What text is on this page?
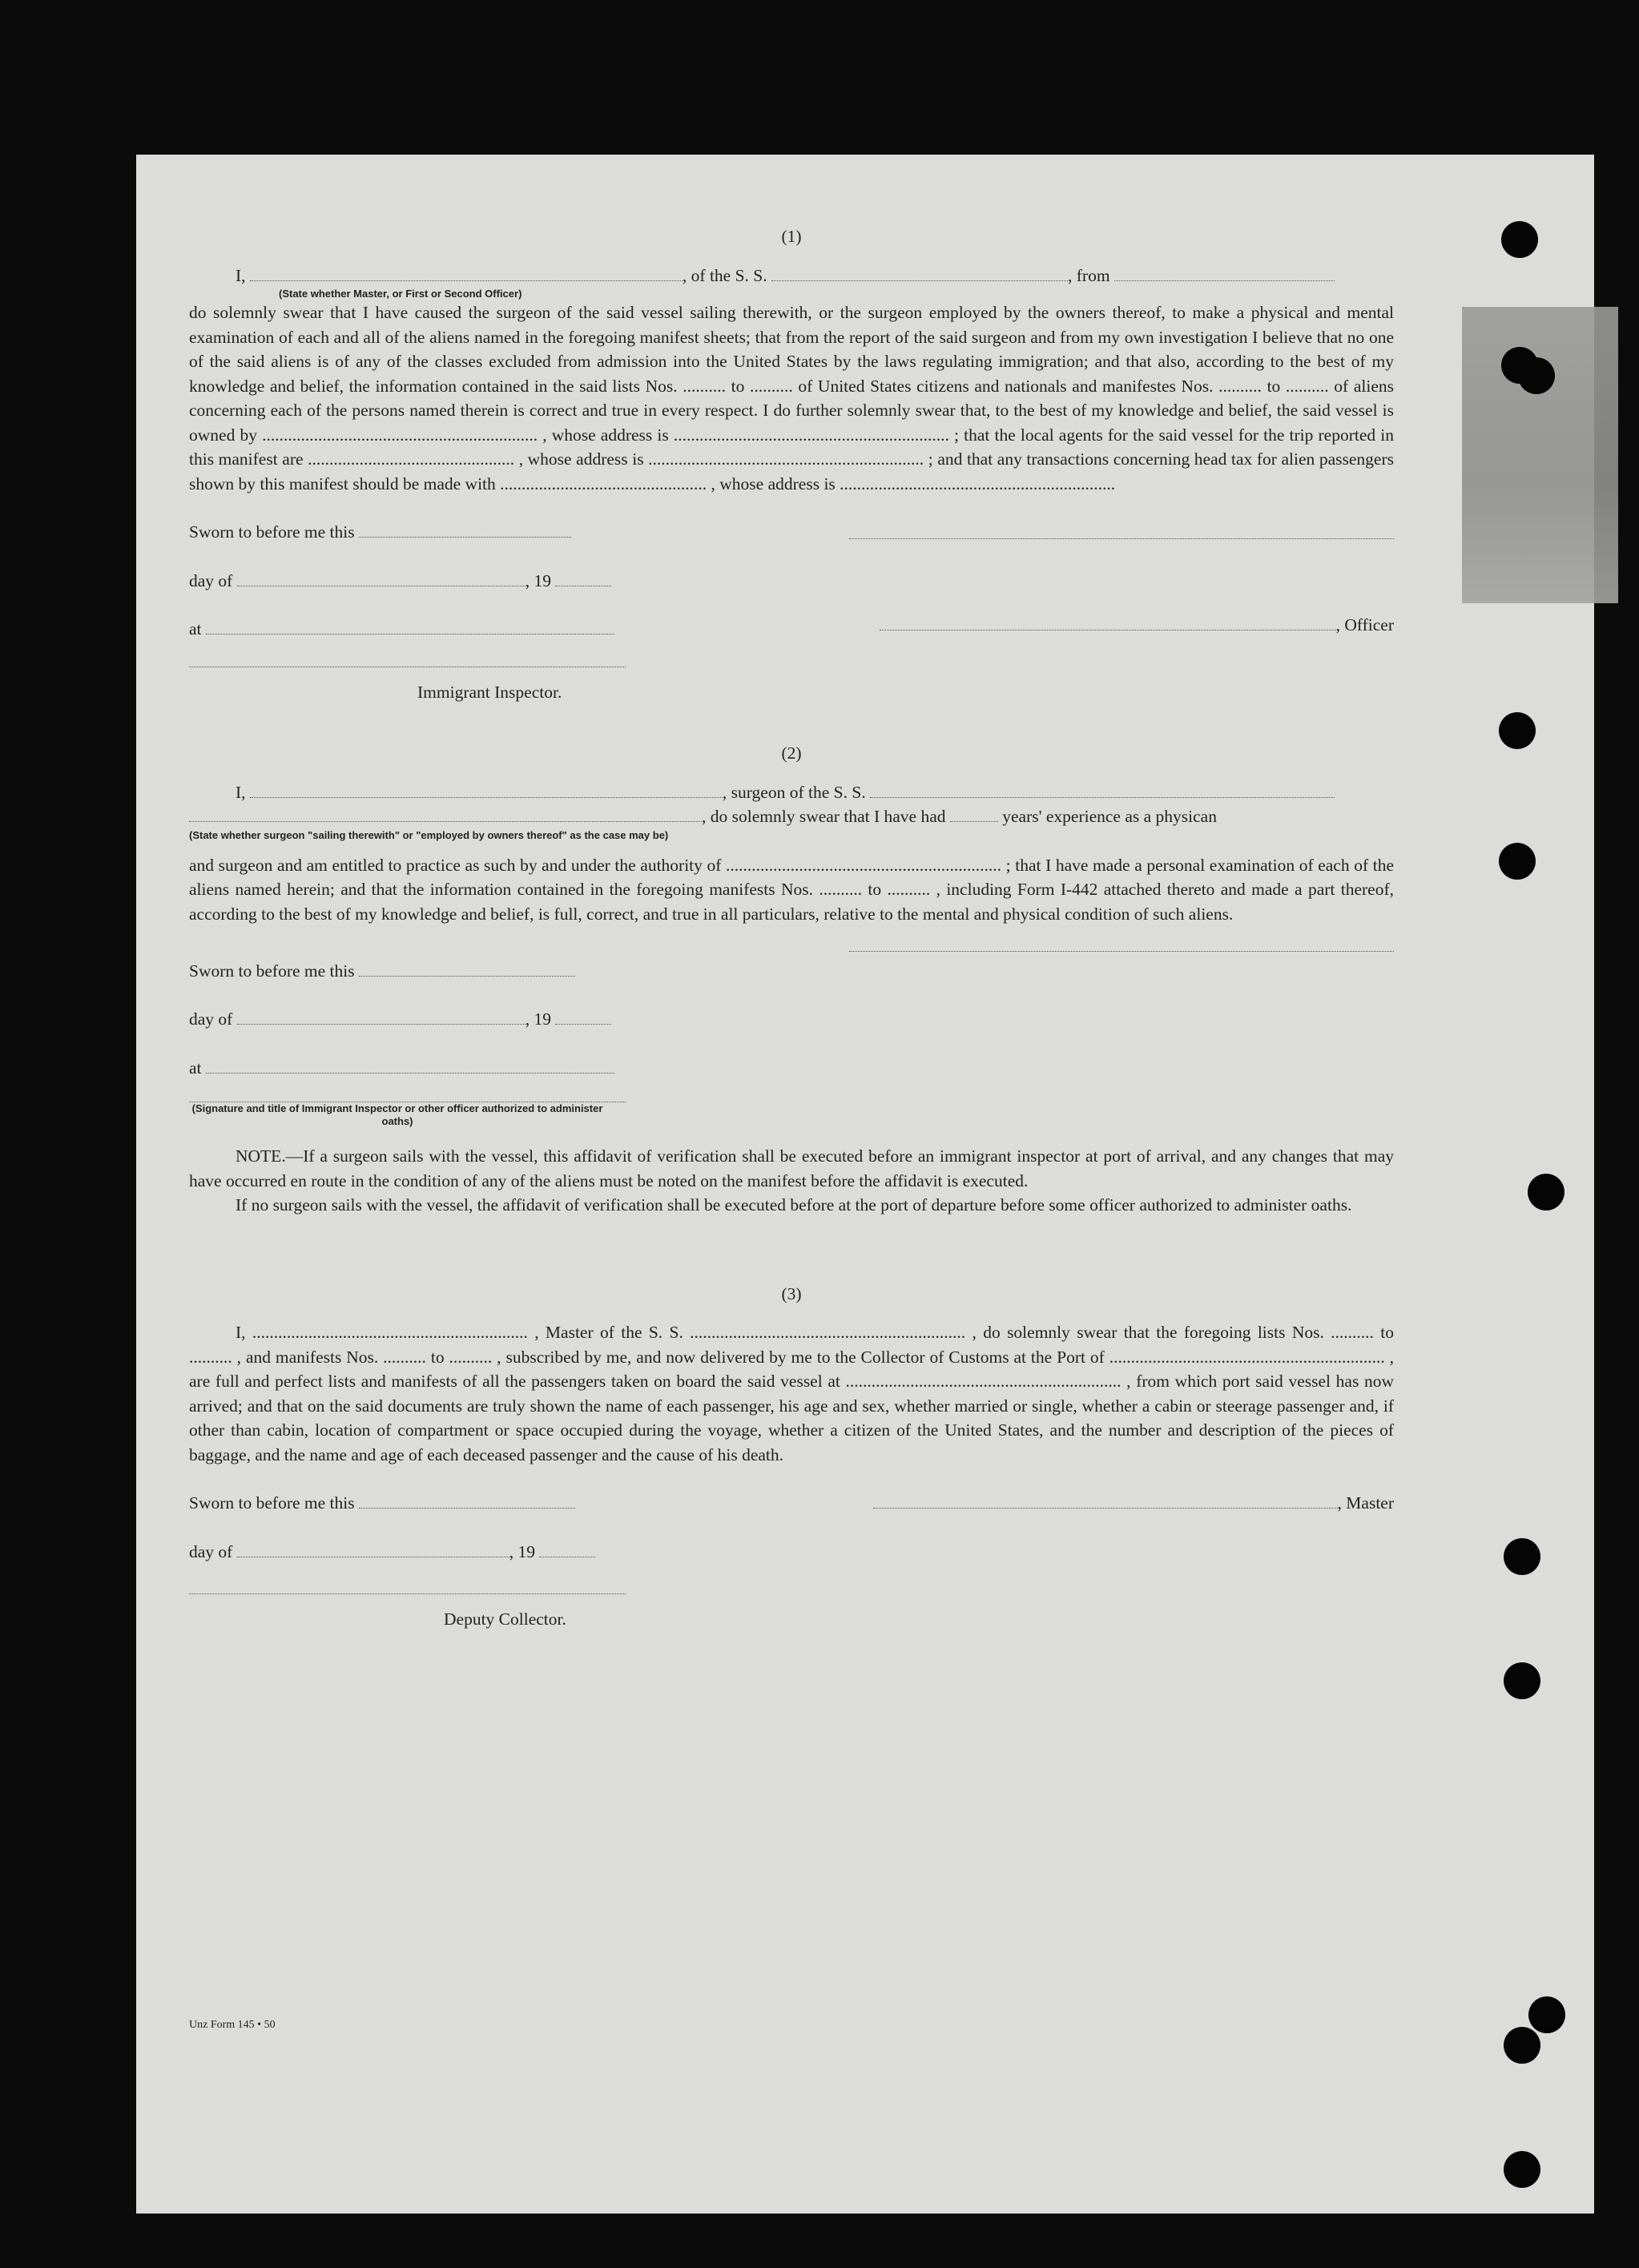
(1)

I,	, of the S. S.	, from

(State whether Master, or First or Second Officer)

do solemnly swear that I have caused the surgeon of the said vessel sailing therewith, or the surgeon employed by the owners thereof, to make a physical and mental examination of each and all of the aliens named in the foregoing manifest sheets; that from the report of the said surgeon and from my own investigation I believe that no one of the said aliens is of any of the classes excluded from admission into the United States by the laws regulating immigration; and that also, according to the best of my knowledge and belief, the information contained in the said lists Nos. .......... to .......... of United States citizens and nationals and manifestes Nos. .......... to .......... of aliens concerning each of the persons named therein is correct and true in every respect. I do further solemnly swear that, to the best of my knowledge and belief, the said vessel is owned by ................................................................ , whose address is ................................................................ ; that the local agents for the said vessel for the trip reported in this manifest are ................................................ , whose address is ................................................................ ; and that any transactions concerning head tax for alien passengers shown by this manifest should be made with ................................................ , whose address is ................................................................

Sworn to before me this

day of	, 19

at

Immigrant Inspector.

, Officer

(2)

I,	, surgeon of the S. S.

, do solemnly swear that I have had	years' experience as a physican

(State whether surgeon "sailing therewith" or "employed by owners thereof" as the case may be)

and surgeon and am entitled to practice as such by and under the authority of ................................................................ ; that I have made a personal examination of each of the aliens named herein; and that the information contained in the foregoing manifests Nos. .......... to .......... , including Form I-442 attached thereto and made a part thereof, according to the best of my knowledge and belief, is full, correct, and true in all particulars, relative to the mental and physical condition of such aliens.

Sworn to before me this

day of	, 19

at

(Signature and title of Immigrant Inspector or other officer authorized to administer oaths)

NOTE.—If a surgeon sails with the vessel, this affidavit of verification shall be executed before an immigrant inspector at port of arrival, and any changes that may have occurred en route in the condition of any of the aliens must be noted on the manifest before the affidavit is executed.

If no surgeon sails with the vessel, the affidavit of verification shall be executed before at the port of departure before some officer authorized to administer oaths.

(3)

I, ................................................................ , Master of the S. S. ................................................................ , do solemnly swear that the foregoing lists Nos. .......... to .......... , and manifests Nos. .......... to .......... , subscribed by me, and now delivered by me to the Collector of Customs at the Port of ................................................................ , are full and perfect lists and manifests of all the passengers taken on board the said vessel at ................................................................ , from which port said vessel has now arrived; and that on the said documents are truly shown the name of each passenger, his age and sex, whether married or single, whether a cabin or steerage passenger and, if other than cabin, location of compartment or space occupied during the voyage, whether a citizen of the United States, and the number and description of the pieces of baggage, and the name and age of each deceased passenger and the cause of his death.

Sworn to before me this

day of	, 19

Deputy Collector.

, Master

Unz Form 145 • 50
